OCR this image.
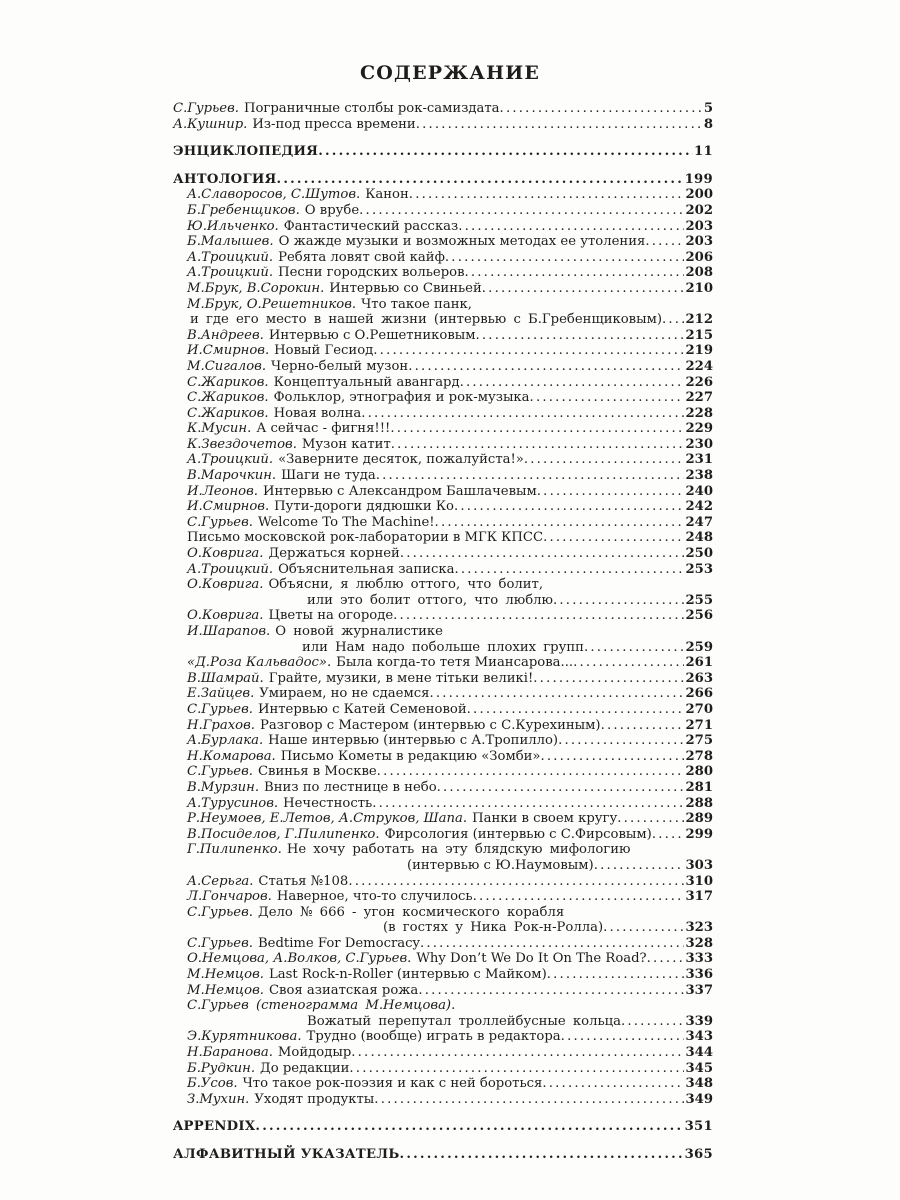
СОДЕРЖАНИЕ
С.Гурьев. Пограничные столбы рок-самиздата .....	5
А.Кушнир. Из-под пресса времени .....	8
ЭНЦИКЛОПЕДИЯ .....	11
АНТОЛОГИЯ .....	199
А.Славоросов, С.Шутов. Канон .....	200
Б.Гребенщиков. О врубе .....	202
Ю.Ильченко. Фантастический рассказ .....	203
Б.Малышев. О жажде музыки и возможных методах ее утоления .....	203
А.Троицкий. Ребята ловят свой кайф .....	206
А.Троицкий. Песни городских вольеров .....	208
М.Брук, В.Сорокин. Интервью со Свиньей .....	210
М.Брук, О.Решетников. Что такое панк,
и где его место в нашей жизни (интервью с Б.Гребенщиковым) ..... 212
В.Андреев. Интервью с О.Решетниковым .....	215
И.Смирнов. Новый Гесиод .....	219
М.Сигалов. Черно-белый музон .....	224
С.Жариков. Концептуальный авангард .....	226
С.Жариков. Фольклор, этнография и рок-музыка .....	227
С.Жариков. Новая волна .....	228
К.Мусин. А сейчас - фигня!!! .....	229
К.Звездочетов. Музон катит .....	230
А.Троицкий. «Заверните десяток, пожалуйста!» .....	231
В.Марочкин. Шаги не туда .....	238
И.Леонов. Интервью с Александром Башлачевым .....	240
И.Смирнов. Пути-дороги дядюшки Ко .....	242
С.Гурьев. Welcome To The Machine! .....	247
Письмо московской рок-лаборатории в МГК КПСС .....	248
О.Коврига. Держаться корней .....	250
А.Троицкий. Объяснительная записка .....	253
О.Коврига. Объясни, я люблю оттого, что болит,
или это болит оттого, что люблю .....	255
О.Коврига. Цветы на огороде .....	256
И.Шарапов. О новой журналистике
или Нам надо побольше плохих групп .....	259
«Д.Роза Кальвадос». Была когда-то тетя Миансарова... .....	261
В.Шамрай. Грайте, музики, в мене тітьки великі! .....	263
Е.Зайцев. Умираем, но не сдаемся .....	266
С.Гурьев. Интервью с Катей Семеновой .....	270
Н.Грахов. Разговор с Мастером (интервью с С.Курехиным) .....	271
А.Бурлака. Наше интервью (интервью с А.Тропилло) .....	275
Н.Комарова. Письмо Кометы в редакцию «Зомби» .....	278
С.Гурьев. Свинья в Москве .....	280
В.Мурзин. Вниз по лестнице в небо .....	281
А.Турусинов. Нечестность .....	288
Р.Неумоев, Е.Летов, А.Струков, Шапа. Панки в своем кругу .....	289
В.Посиделов, Г.Пилипенко. Фирсология (интервью с С.Фирсовым) .....	299
Г.Пилипенко. Не хочу работать на эту блядскую мифологию
(интервью с Ю.Наумовым) .....	303
А.Серьга. Статья №108 .....	310
Л.Гончаров. Наверное, что-то случилось .....	317
С.Гурьев. Дело № 666 - угон космического корабля
(в гостях у Ника Рок-н-Ролла) .....	323
С.Гурьев. Bedtime For Democracy .....	328
О.Немцова, А.Волков, С.Гурьев. Why Don’t We Do It On The Road? .....	333
М.Немцов. Last Rock-n-Roller (интервью с Майком) .....	336
М.Немцов. Своя азиатская рожа .....	337
С.Гурьев (стенограмма М.Немцова).
Вожатый перепутал троллейбусные кольца .....	339
Э.Курятникова. Трудно (вообще) играть в редактора .....	343
Н.Баранова. Мойдодыр .....	344
Б.Рудкин. До редакции .....	345
Б.Усов. Что такое рок-поэзия и как с ней бороться .....	348
З.Мухин. Уходят продукты .....	349
APPENDIX .....	351
АЛФАВИТНЫЙ УКАЗАТЕЛЬ .....	365
